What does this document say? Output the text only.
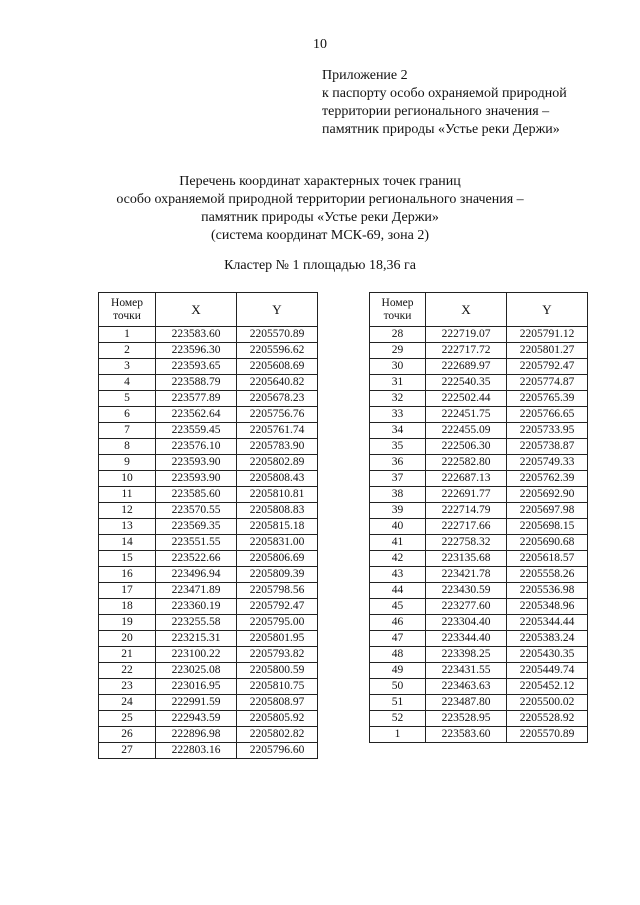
10
Приложение 2
к паспорту особо охраняемой природной
территории регионального значения –
памятник природы «Устье реки Держи»
Перечень координат характерных точек границ
особо охраняемой природной территории регионального значения –
памятник природы «Устье реки Держи»
(система координат МСК-69, зона 2)
Кластер № 1 площадью 18,36 га
Номер
точки	X	Y
1	223583.60	2205570.89
2	223596.30	2205596.62
3	223593.65	2205608.69
4	223588.79	2205640.82
5	223577.89	2205678.23
6	223562.64	2205756.76
7	223559.45	2205761.74
8	223576.10	2205783.90
9	223593.90	2205802.89
10	223593.90	2205808.43
11	223585.60	2205810.81
12	223570.55	2205808.83
13	223569.35	2205815.18
14	223551.55	2205831.00
15	223522.66	2205806.69
16	223496.94	2205809.39
17	223471.89	2205798.56
18	223360.19	2205792.47
19	223255.58	2205795.00
20	223215.31	2205801.95
21	223100.22	2205793.82
22	223025.08	2205800.59
23	223016.95	2205810.75
24	222991.59	2205808.97
25	222943.59	2205805.92
26	222896.98	2205802.82
27	222803.16	2205796.60
Номер
точки	X	Y
28	222719.07	2205791.12
29	222717.72	2205801.27
30	222689.97	2205792.47
31	222540.35	2205774.87
32	222502.44	2205765.39
33	222451.75	2205766.65
34	222455.09	2205733.95
35	222506.30	2205738.87
36	222582.80	2205749.33
37	222687.13	2205762.39
38	222691.77	2205692.90
39	222714.79	2205697.98
40	222717.66	2205698.15
41	222758.32	2205690.68
42	223135.68	2205618.57
43	223421.78	2205558.26
44	223430.59	2205536.98
45	223277.60	2205348.96
46	223304.40	2205344.44
47	223344.40	2205383.24
48	223398.25	2205430.35
49	223431.55	2205449.74
50	223463.63	2205452.12
51	223487.80	2205500.02
52	223528.95	2205528.92
1	223583.60	2205570.89
